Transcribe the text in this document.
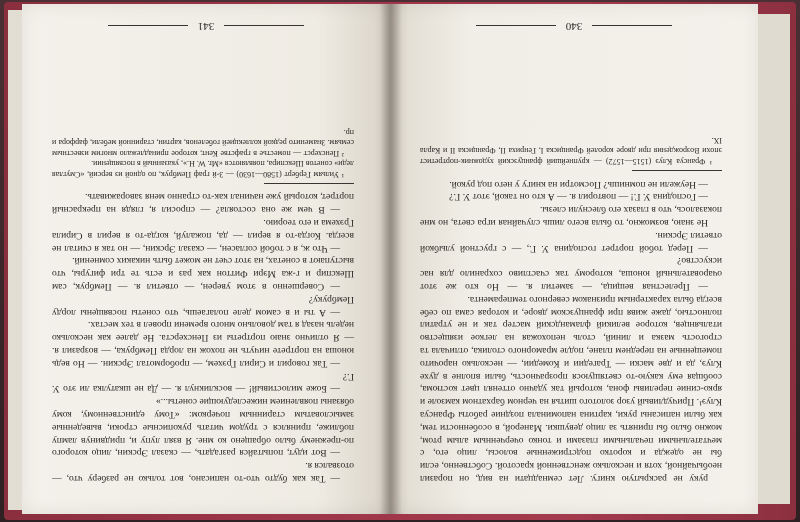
— Так как будто что-то написано, вот только не разберу что, — отозвался я.

— Вот идут, попытайся разгадать, — сказал Эрскин, лицо которого по-прежнему было обращено ко мне. Я взял лупу и, придвинув лампу поближе, принялся с трудом читать рукописные строки, выведенные замысловатым старинным почерком: «Тому единственному, кому обязаны появлением нижеследующие сонеты...»

— Боже милостивый! — воскликнул я. — Да не шкатулка ли это У. Г.?

— Так говорил и Сирил Грэхем, — пробормотал Эрскин. — Но ведь юноша на портрете ничуть не похож на лорда Пембрука, — возразил я. — Я отлично знаю портреты из Пенсхерста. Не далее как несколько недель назад я там довольно много времени провел в тех местах.

— А ты и в самом деле полагаешь, что сонеты посвящены лорду Пембруку?

— Совершенно в этом уверен, — ответил я. — Пембрук, сам Шекспир и г-жа Мэри Фиттон как раз и есть те три фигуры, что выступают в сонетах, на этот счет не может быть никаких сомнений.

— Что ж, я с тобой согласен, — сказал Эрскин, — но так я считал не всегда. Когда-то я верил — да, пожалуй, когда-то я верил в Сирила Грэхема и его теорию.

— В чем же она состояла? — спросил я, глядя на прекрасный портрет, который уже начинал как-то странно меня завораживать.

¹ Уильям Герберт (1580—1630) — 3-й граф Пембрук, по одной из версий, «Смуглая леди» сонетов Шекспира, появляются «Mr. W. H.», указанный в посвящении.

² Пенсхерст — поместье в графстве Кент, которое принадлежало многим известным семьям. Знаменито редкой коллекцией гобеленов, картин, старинной мебели, фарфора и пр.

341

руку не раскрытую книгу. Лет семнадцати на вид, он поразил необычайной, хотя и несколько женственной красотой. Собственно, если бы не одежда и коротко подстриженные волосы, лицо его, с мечтательными печальными глазами и тонко очерченным алым ртом, можно было бы принять за лицо девушки. Манерой, в особенности тем, как были написаны руки, картина напоминала поздние работы Франсуа Клуэ¹. Причудливый узор золотого шитья на черном бархатном камзоле и ярко-синие переливы фона, который так удачно оттенял цвет костюма, сообщая ему какую-то светящуюся прозрачность, были вполне в духе Клуэ, да и две маски — Трагедии и Комедии, — несколько нарочито помещенные на переднем плане, подле мраморного столика, отличала та строгость мазка и линий, столь непохожая на легкое изящество итальянцев, которое великий фламандский мастер так и не утратил полностью, даже живя при французском дворе, и которая сама по себе всегда была характерным признаком северного темперамента.

— Прелестная вещица, — заметил я. — Но кто же этот очаровательный юноша, которому так счастливо сохранило для нас искусство?

— Перед тобой портрет господина У. Г., — с грустной улыбкой ответил Эрскин.

Не знаю, возможно, то была всего лишь случайная игра света, но мне показалось, что в глазах его блеснули слезы.

— Господина У. Г.! — повторил я. — А кто он такой, этот У. Г.?

— Неужели не помнишь? Посмотри на книгу у него под рукой.

¹ Франсуа Клуэ (1515—1572) — крупнейший французский художник-портретист эпохи Возрождения при дворе королей Франциска I, Генриха II, Франциска II и Карла IX.

340
